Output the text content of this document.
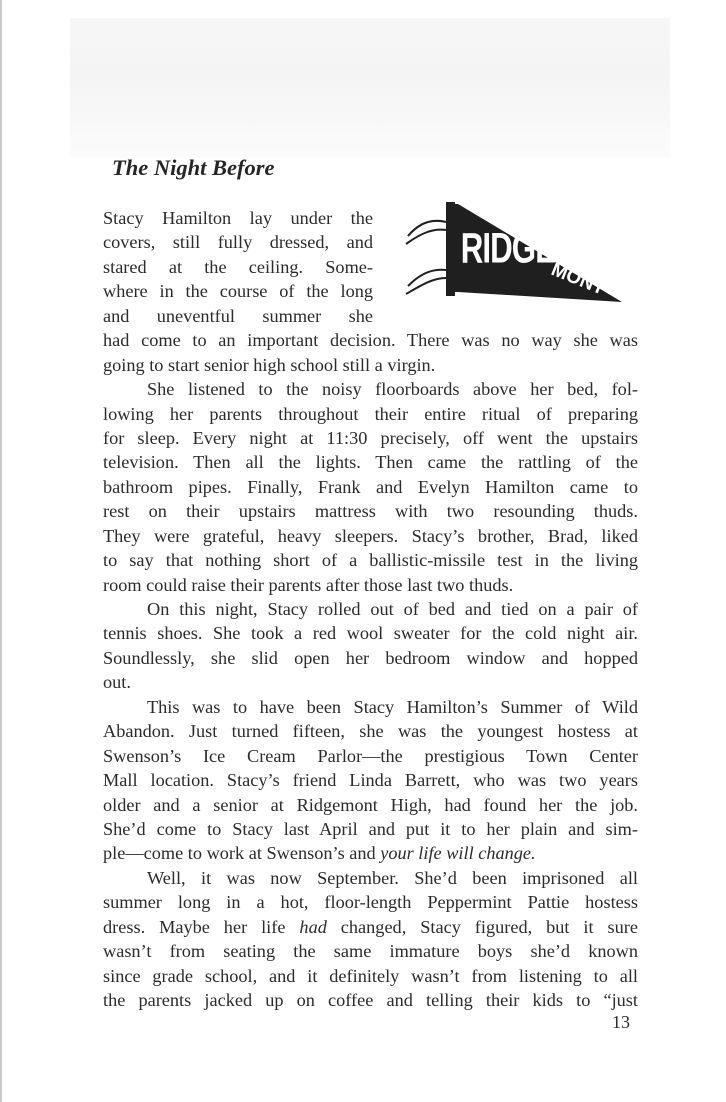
The Night Before
RIDGE
MONT
Stacy Hamilton lay under the
covers, still fully dressed, and
stared at the ceiling. Some-
where in the course of the long
and uneventful summer she
had come to an important decision. There was no way she was
going to start senior high school still a virgin.
She listened to the noisy floorboards above her bed, fol-
lowing her parents throughout their entire ritual of preparing
for sleep. Every night at 11:30 precisely, off went the upstairs
television. Then all the lights. Then came the rattling of the
bathroom pipes. Finally, Frank and Evelyn Hamilton came to
rest on their upstairs mattress with two resounding thuds.
They were grateful, heavy sleepers. Stacy’s brother, Brad, liked
to say that nothing short of a ballistic-missile test in the living
room could raise their parents after those last two thuds.
On this night, Stacy rolled out of bed and tied on a pair of
tennis shoes. She took a red wool sweater for the cold night air.
Soundlessly, she slid open her bedroom window and hopped
out.
This was to have been Stacy Hamilton’s Summer of Wild
Abandon. Just turned fifteen, she was the youngest hostess at
Swenson’s Ice Cream Parlor—the prestigious Town Center
Mall location. Stacy’s friend Linda Barrett, who was two years
older and a senior at Ridgemont High, had found her the job.
She’d come to Stacy last April and put it to her plain and sim-
ple—come to work at Swenson’s and your life will change.
Well, it was now September. She’d been imprisoned all
summer long in a hot, floor-length Peppermint Pattie hostess
dress. Maybe her life had changed, Stacy figured, but it sure
wasn’t from seating the same immature boys she’d known
since grade school, and it definitely wasn’t from listening to all
the parents jacked up on coffee and telling their kids to “just
13
